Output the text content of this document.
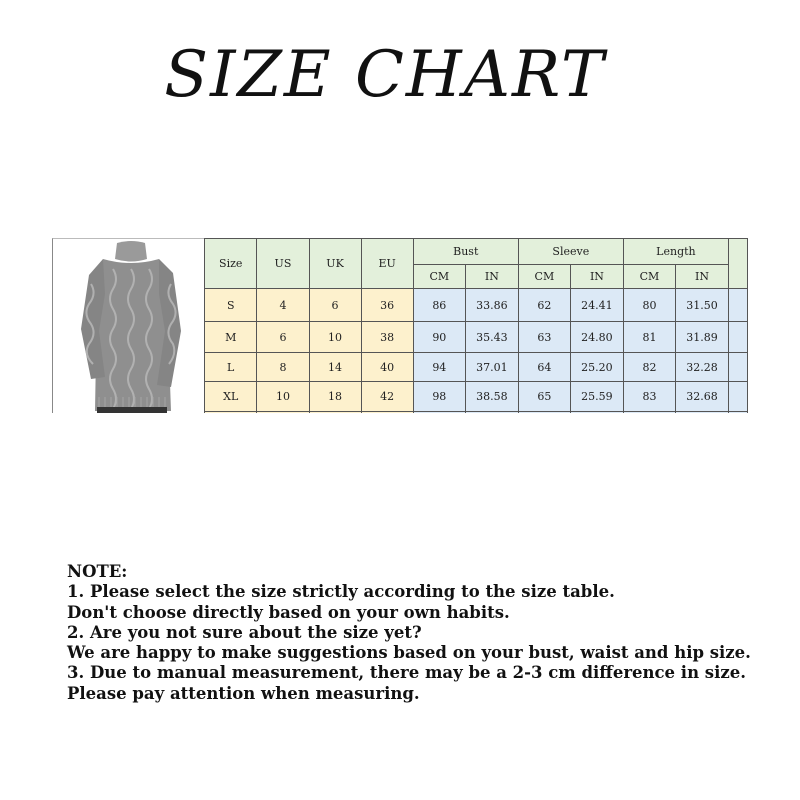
SIZE CHART
Size	US	UK	EU	Bust		Sleeve		Length		
				CM	IN	CM	IN	CM	IN	
S	4	6	36	86	33.86	62	24.41	80	31.50	
M	6	10	38	90	35.43	63	24.80	81	31.89	
L	8	14	40	94	37.01	64	25.20	82	32.28	
XL	10	18	42	98	38.58	65	25.59	83	32.68	

NOTE:
1. Please select the size strictly according to the size table.
Don't choose directly based on your own habits.
2. Are you not sure about the size yet?
We are happy to make suggestions based on your bust, waist and hip size.
3. Due to manual measurement, there may be a 2-3 cm difference in size.
Please pay attention when measuring.
